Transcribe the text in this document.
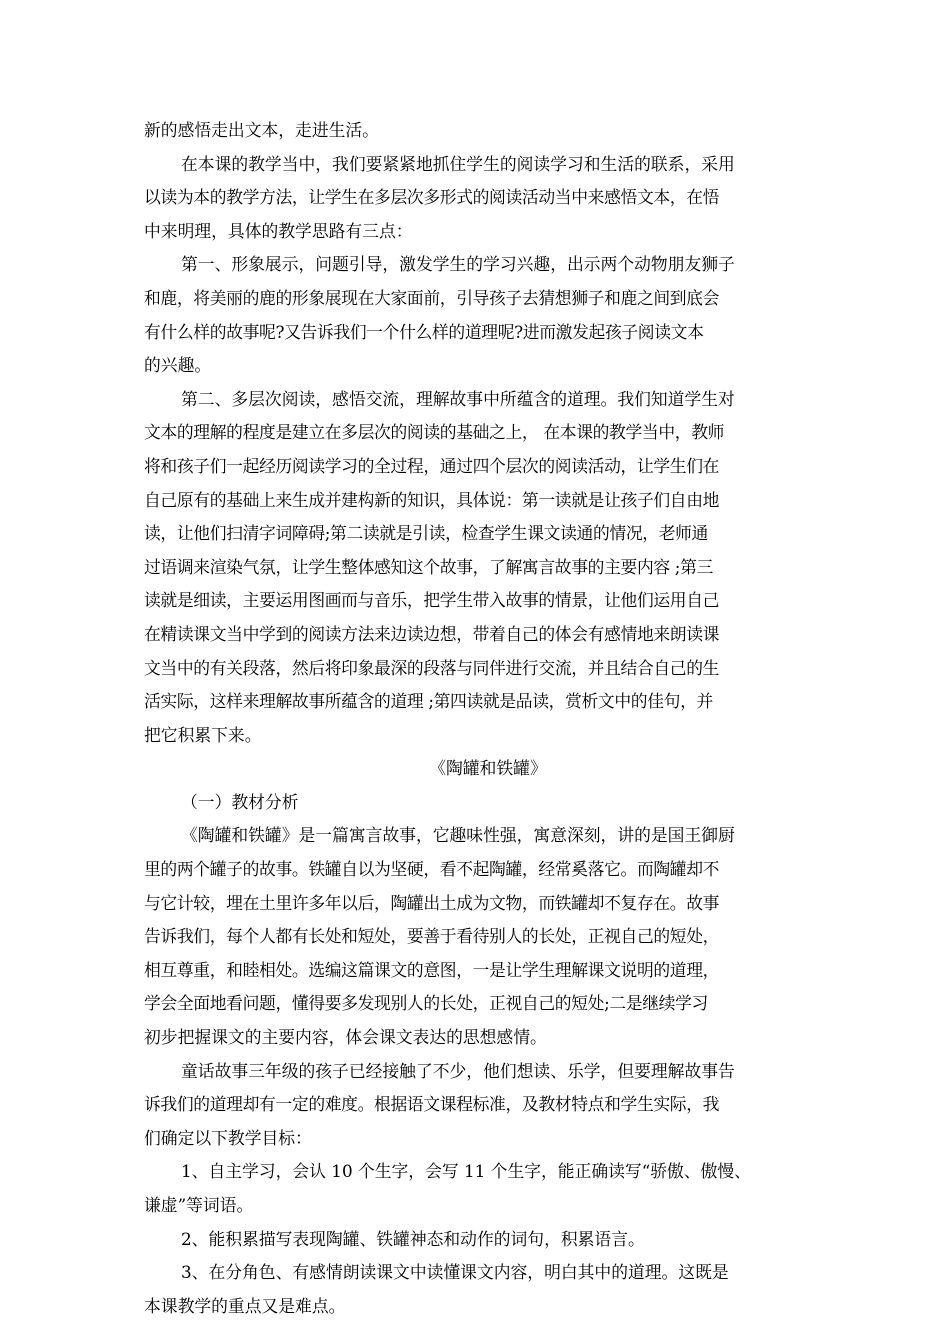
新的感悟走出文本，走进生活。
在本课的教学当中，我们要紧紧地抓住学生的阅读学习和生活的联系，采用
以读为本的教学方法，让学生在多层次多形式的阅读活动当中来感悟文本，在悟
中来明理，具体的教学思路有三点：
第一、形象展示，问题引导，激发学生的学习兴趣，出示两个动物朋友狮子
和鹿，将美丽的鹿的形象展现在大家面前，引导孩子去猜想狮子和鹿之间到底会
有什么样的故事呢?又告诉我们一个什么样的道理呢?进而激发起孩子阅读文本
的兴趣。
第二、多层次阅读，感悟交流，理解故事中所蕴含的道理。我们知道学生对
文本的理解的程度是建立在多层次的阅读的基础之上， 在本课的教学当中，教师
将和孩子们一起经历阅读学习的全过程，通过四个层次的阅读活动，让学生们在
自己原有的基础上来生成并建构新的知识，具体说：第一读就是让孩子们自由地
读，让他们扫清字词障碍;第二读就是引读，检查学生课文读通的情况，老师通
过语调来渲染气氛，让学生整体感知这个故事，了解寓言故事的主要内容 ;第三
读就是细读，主要运用图画而与音乐，把学生带入故事的情景，让他们运用自己
在精读课文当中学到的阅读方法来边读边想，带着自己的体会有感情地来朗读课
文当中的有关段落，然后将印象最深的段落与同伴进行交流，并且结合自己的生
活实际，这样来理解故事所蕴含的道理 ;第四读就是品读，赏析文中的佳句，并
把它积累下来。
《陶罐和铁罐》
（一）教材分析
《陶罐和铁罐》是一篇寓言故事，它趣味性强，寓意深刻，讲的是国王御厨
里的两个罐子的故事。铁罐自以为坚硬，看不起陶罐，经常奚落它。而陶罐却不
与它计较，埋在土里许多年以后，陶罐出土成为文物，而铁罐却不复存在。故事
告诉我们，每个人都有长处和短处，要善于看待别人的长处，正视自己的短处，
相互尊重，和睦相处。选编这篇课文的意图，一是让学生理解课文说明的道理，
学会全面地看问题，懂得要多发现别人的长处，正视自己的短处;二是继续学习
初步把握课文的主要内容，体会课文表达的思想感情。
童话故事三年级的孩子已经接触了不少，他们想读、乐学，但要理解故事告
诉我们的道理却有一定的难度。根据语文课程标准，及教材特点和学生实际，我
们确定以下教学目标：
1、自主学习，会认 10 个生字，会写 11 个生字，能正确读写“骄傲、傲慢、
谦虚”等词语。
2、能积累描写表现陶罐、铁罐神态和动作的词句，积累语言。
3、在分角色、有感情朗读课文中读懂课文内容，明白其中的道理。这既是
本课教学的重点又是难点。
